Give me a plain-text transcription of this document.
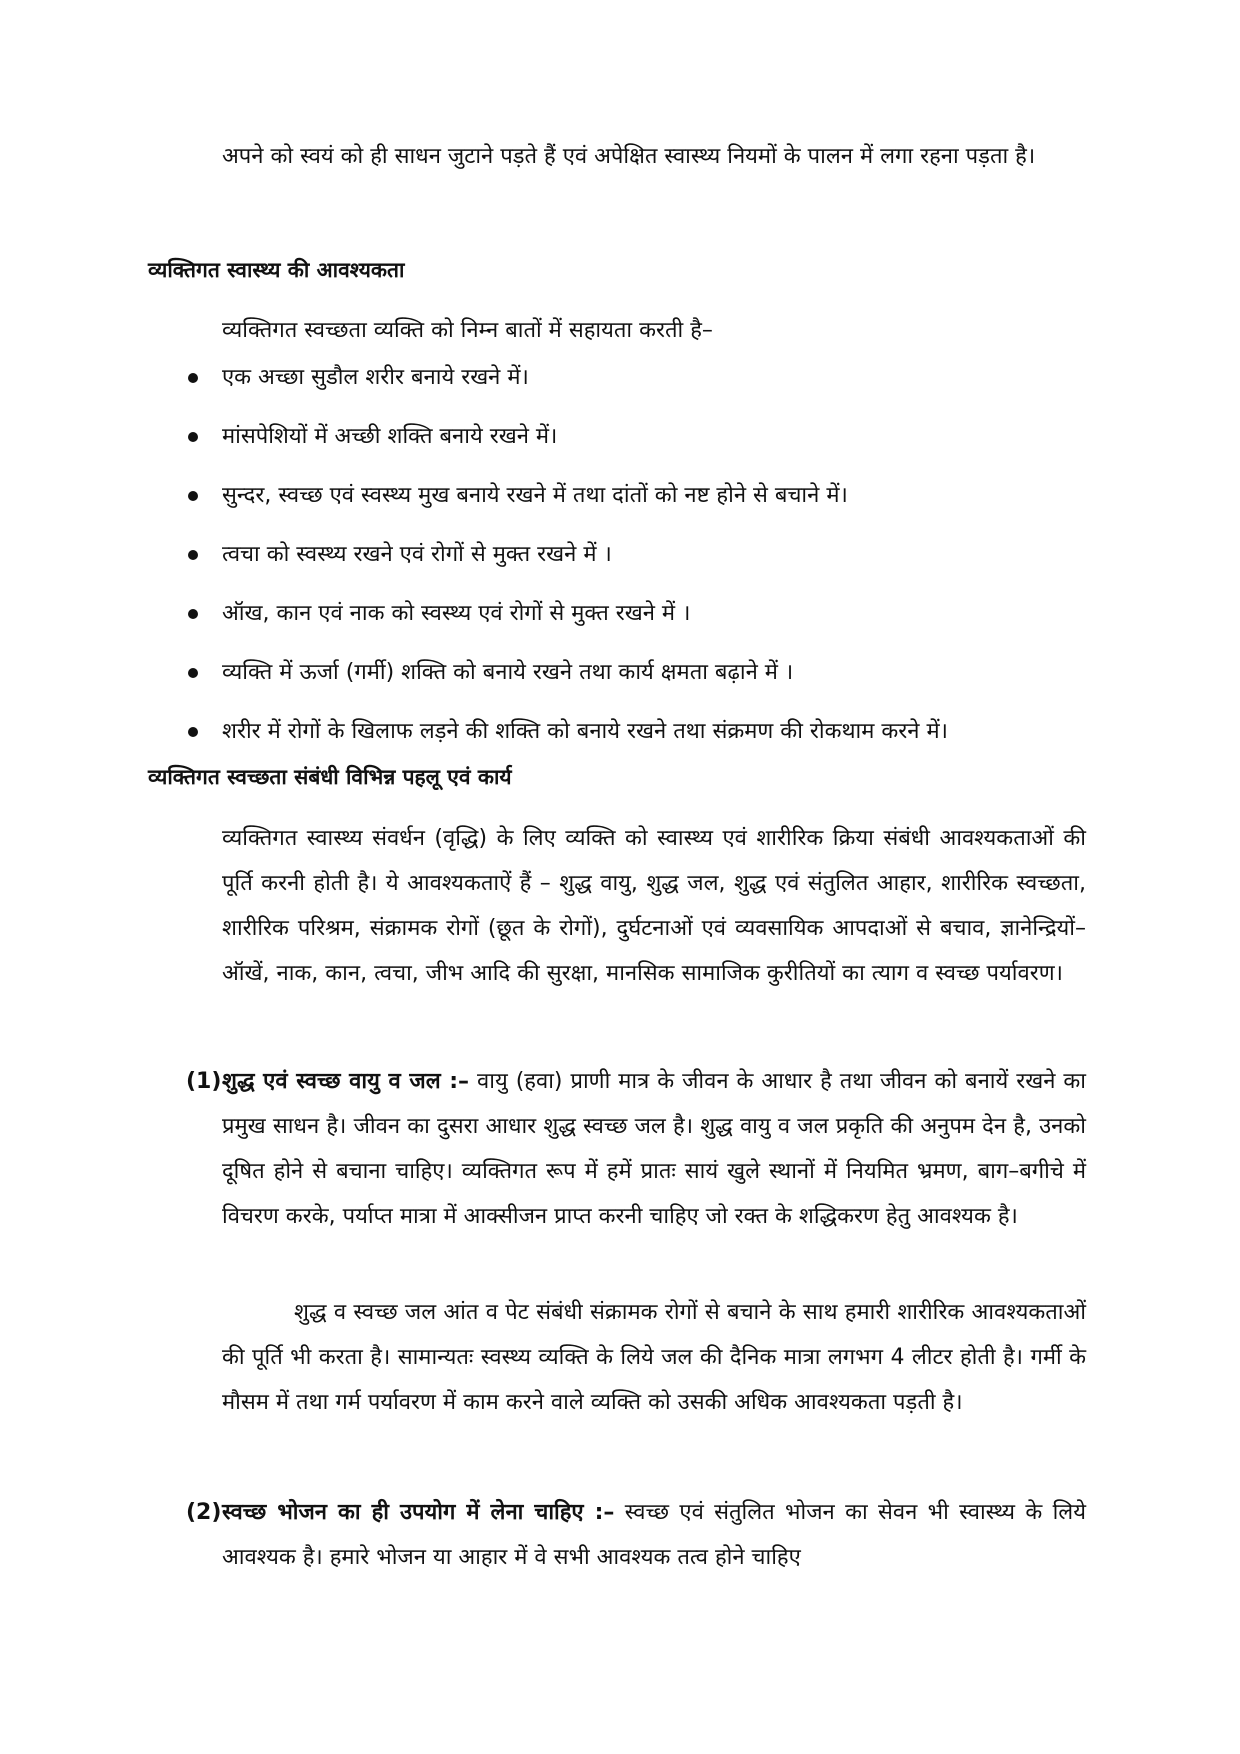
अपने को स्वयं को ही साधन जुटाने पड़ते हैं एवं अपेक्षित स्वास्थ्य नियमों के पालन में लगा रहना पड़ता है।

व्यक्तिगत स्वास्थ्य की आवश्यकता

व्यक्तिगत स्वच्छता व्यक्ति को निम्न बातों में सहायता करती है–

एक अच्छा सुडौल शरीर बनाये रखने में।
मांसपेशियों में अच्छी शक्ति बनाये रखने में।
सुन्दर, स्वच्छ एवं स्वस्थ्य मुख बनाये रखने में तथा दांतों को नष्ट होने से बचाने में।
त्वचा को स्वस्थ्य रखने एवं रोगों से मुक्त रखने में ।
ऑख, कान एवं नाक को स्वस्थ्य एवं रोगों से मुक्त रखने में ।
व्यक्ति में ऊर्जा (गर्मी) शक्ति को बनाये रखने तथा कार्य क्षमता बढ़ाने में ।
शरीर में रोगों के खिलाफ लड़ने की शक्ति को बनाये रखने तथा संक्रमण की रोकथाम करने में।
व्यक्तिगत स्वच्छता संबंधी विभिन्न पहलू एवं कार्य

व्यक्तिगत स्वास्थ्य संवर्धन (वृद्धि) के लिए व्यक्ति को स्वास्थ्य एवं शारीरिक क्रिया संबंधी आवश्यकताओं की पूर्ति करनी होती है। ये आवश्यकताऐं हैं – शुद्ध वायु, शुद्ध जल, शुद्ध एवं संतुलित आहार, शारीरिक स्वच्छता, शारीरिक परिश्रम, संक्रामक रोगों (छूत के रोगों), दुर्घटनाओं एवं व्यवसायिक आपदाओं से बचाव, ज्ञानेन्द्रियों–ऑखें, नाक, कान, त्वचा, जीभ आदि की सुरक्षा, मानसिक सामाजिक कुरीतियों का त्याग व स्वच्छ पर्यावरण।

(1) शुद्ध एवं स्वच्छ वायु व जल :– वायु (हवा) प्राणी मात्र के जीवन के आधार है तथा जीवन को बनायें रखने का प्रमुख साधन है। जीवन का दुसरा आधार शुद्ध स्वच्छ जल है। शुद्ध वायु व जल प्रकृति की अनुपम देन है, उनको दूषित होने से बचाना चाहिए। व्यक्तिगत रूप में हमें प्रातः सायं खुले स्थानों में नियमित भ्रमण, बाग–बगीचे में विचरण करके, पर्याप्त मात्रा में आक्सीजन प्राप्त करनी चाहिए जो रक्त के शद्धिकरण हेतु आवश्यक है।

शुद्ध व स्वच्छ जल आंत व पेट संबंधी संक्रामक रोगों से बचाने के साथ हमारी शारीरिक आवश्यकताओं की पूर्ति भी करता है। सामान्यतः स्वस्थ्य व्यक्ति के लिये जल की दैनिक मात्रा लगभग 4 लीटर होती है। गर्मी के मौसम में तथा गर्म पर्यावरण में काम करने वाले व्यक्ति को उसकी अधिक आवश्यकता पड़ती है।

(2) स्वच्छ भोजन का ही उपयोग में लेना चाहिए :– स्वच्छ एवं संतुलित भोजन का सेवन भी स्वास्थ्य के लिये आवश्यक है। हमारे भोजन या आहार में वे सभी आवश्यक तत्व होने चाहिए
